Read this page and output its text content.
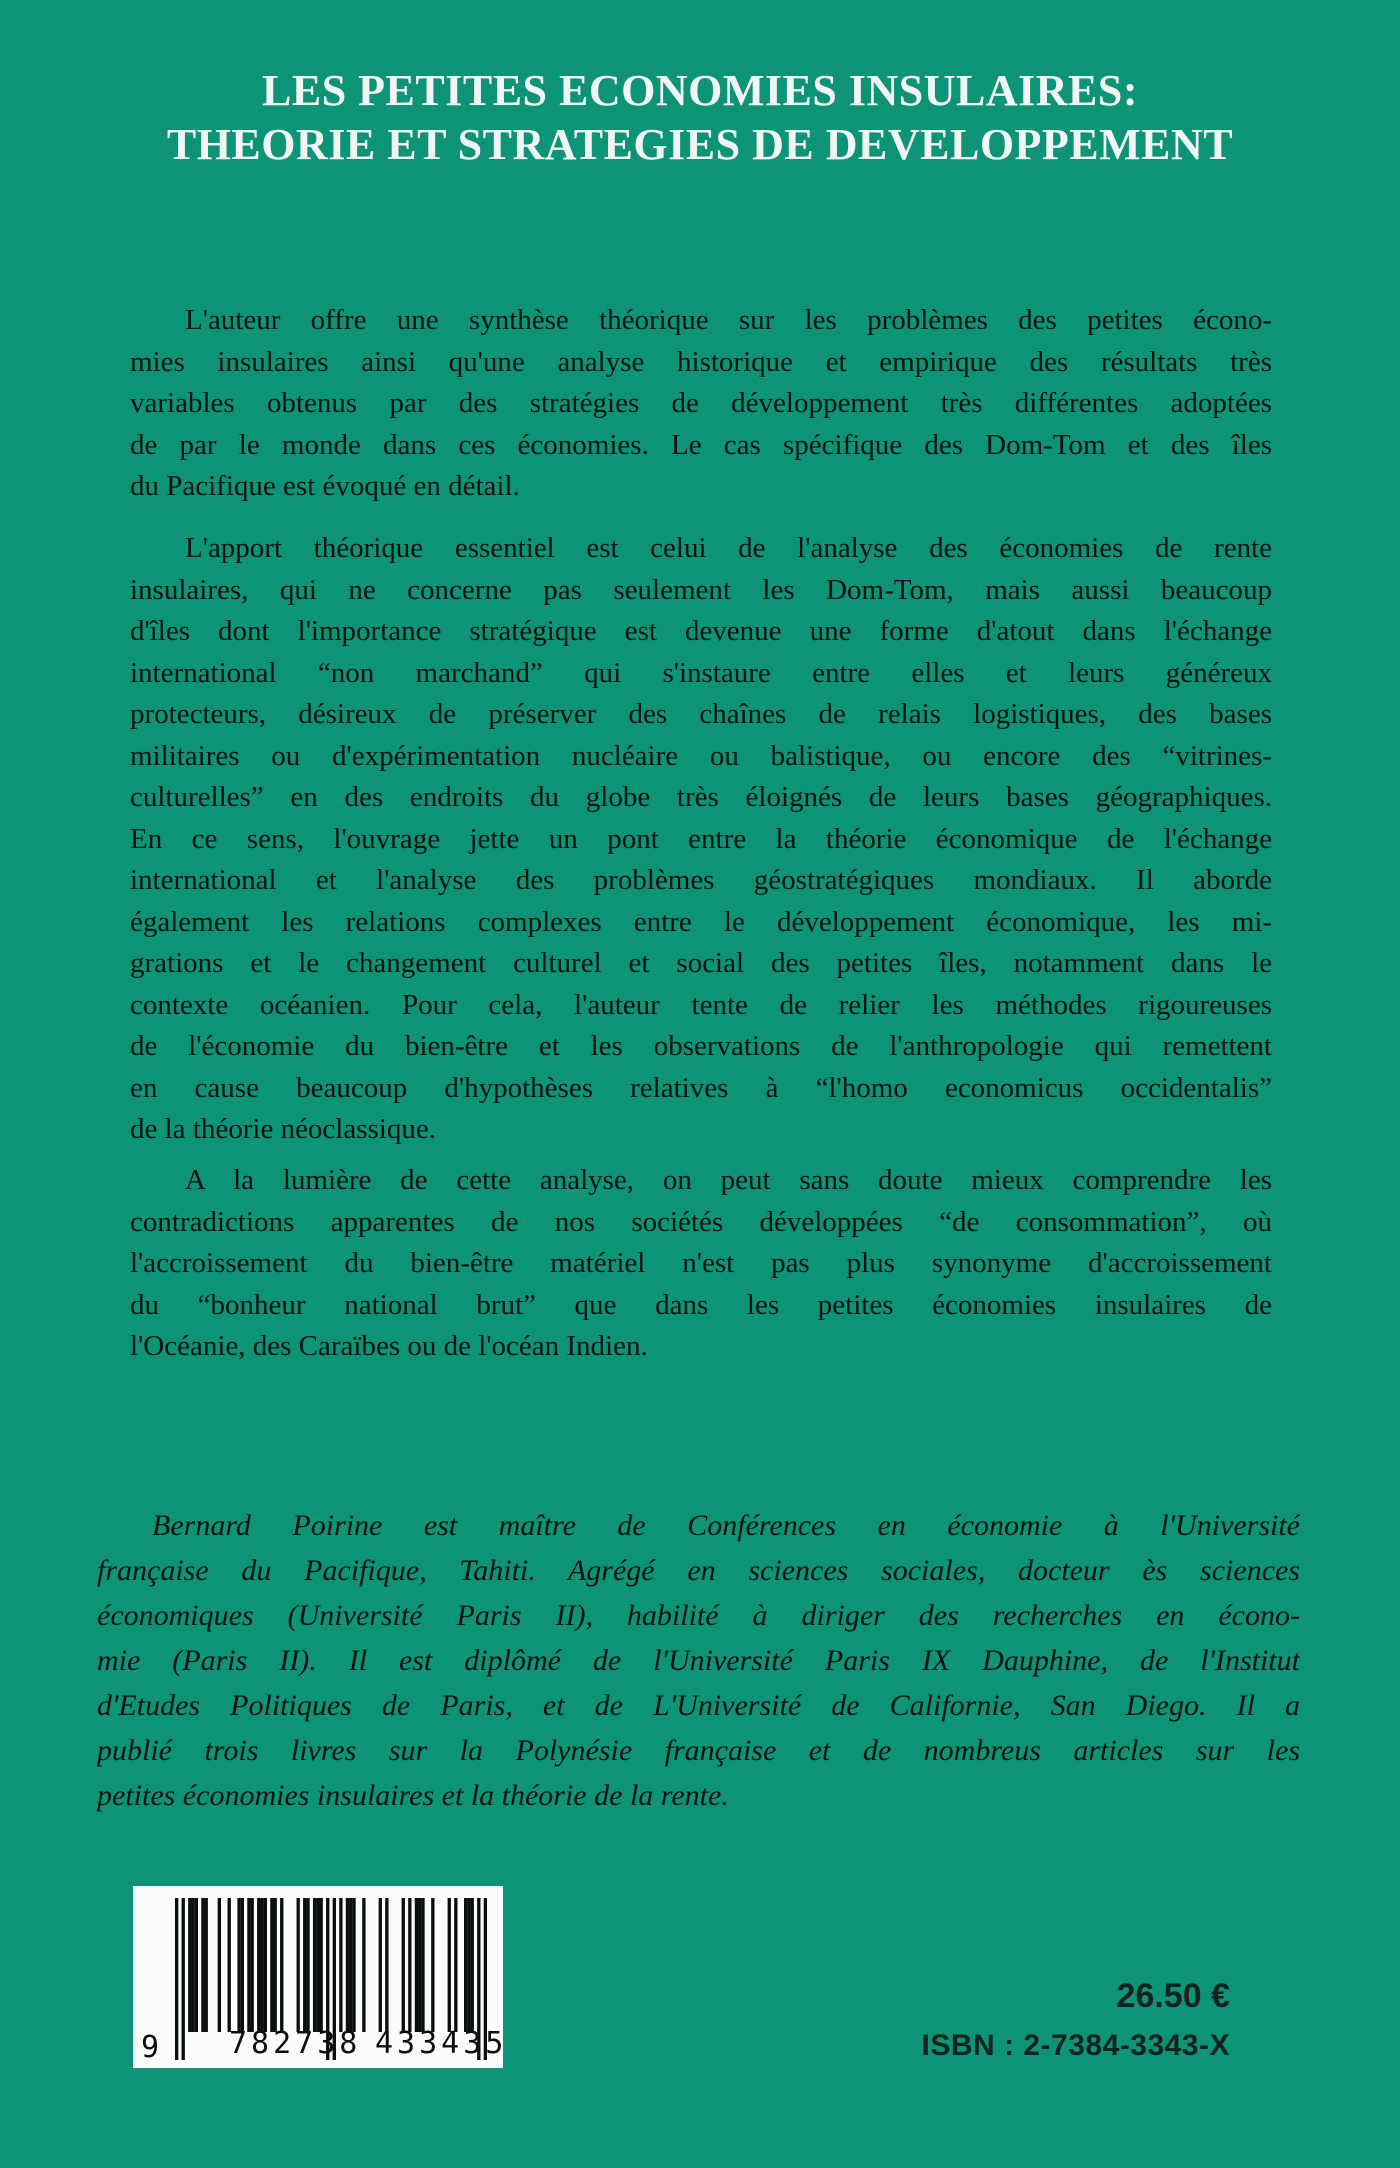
LES PETITES ECONOMIES INSULAIRES:
THEORIE ET STRATEGIES DE DEVELOPPEMENT
L'auteur offre une synthèse théorique sur les problèmes des petites écono-
mies insulaires ainsi qu'une analyse historique et empirique des résultats très
variables obtenus par des stratégies de développement très différentes adoptées
de par le monde dans ces économies. Le cas spécifique des Dom-Tom et des îles
du Pacifique est évoqué en détail.
L'apport théorique essentiel est celui de l'analyse des économies de rente
insulaires, qui ne concerne pas seulement les Dom-Tom, mais aussi beaucoup
d'îles dont l'importance stratégique est devenue une forme d'atout dans l'échange
international “non marchand” qui s'instaure entre elles et leurs généreux
protecteurs, désireux de préserver des chaînes de relais logistiques, des bases
militaires ou d'expérimentation nucléaire ou balistique, ou encore des “vitrines-
culturelles” en des endroits du globe très éloignés de leurs bases géographiques.
En ce sens, l'ouvrage jette un pont entre la théorie économique de l'échange
international et l'analyse des problèmes géostratégiques mondiaux. Il aborde
également les relations complexes entre le développement économique, les mi-
grations et le changement culturel et social des petites îles, notamment dans le
contexte océanien. Pour cela, l'auteur tente de relier les méthodes rigoureuses
de l'économie du bien-être et les observations de l'anthropologie qui remettent
en cause beaucoup d'hypothèses relatives à “l'homo economicus occidentalis”
de la théorie néoclassique.
A la lumière de cette analyse, on peut sans doute mieux comprendre les
contradictions apparentes de nos sociétés développées “de consommation”, où
l'accroissement du bien-être matériel n'est pas plus synonyme d'accroissement
du “bonheur national brut” que dans les petites économies insulaires de
l'Océanie, des Caraïbes ou de l'océan Indien.
Bernard Poirine est maître de Conférences en économie à l'Université
française du Pacifique, Tahiti. Agrégé en sciences sociales, docteur ès sciences
économiques (Université Paris II), habilité à diriger des recherches en écono-
mie (Paris II). Il est diplômé de l'Université Paris IX Dauphine, de l'Institut
d'Etudes Politiques de Paris, et de L'Université de Californie, San Diego. Il a
publié trois livres sur la Polynésie française et de nombreus articles sur les
petites économies insulaires et la théorie de la rente.
9 782738 433435
26.50 €
ISBN : 2-7384-3343-X
